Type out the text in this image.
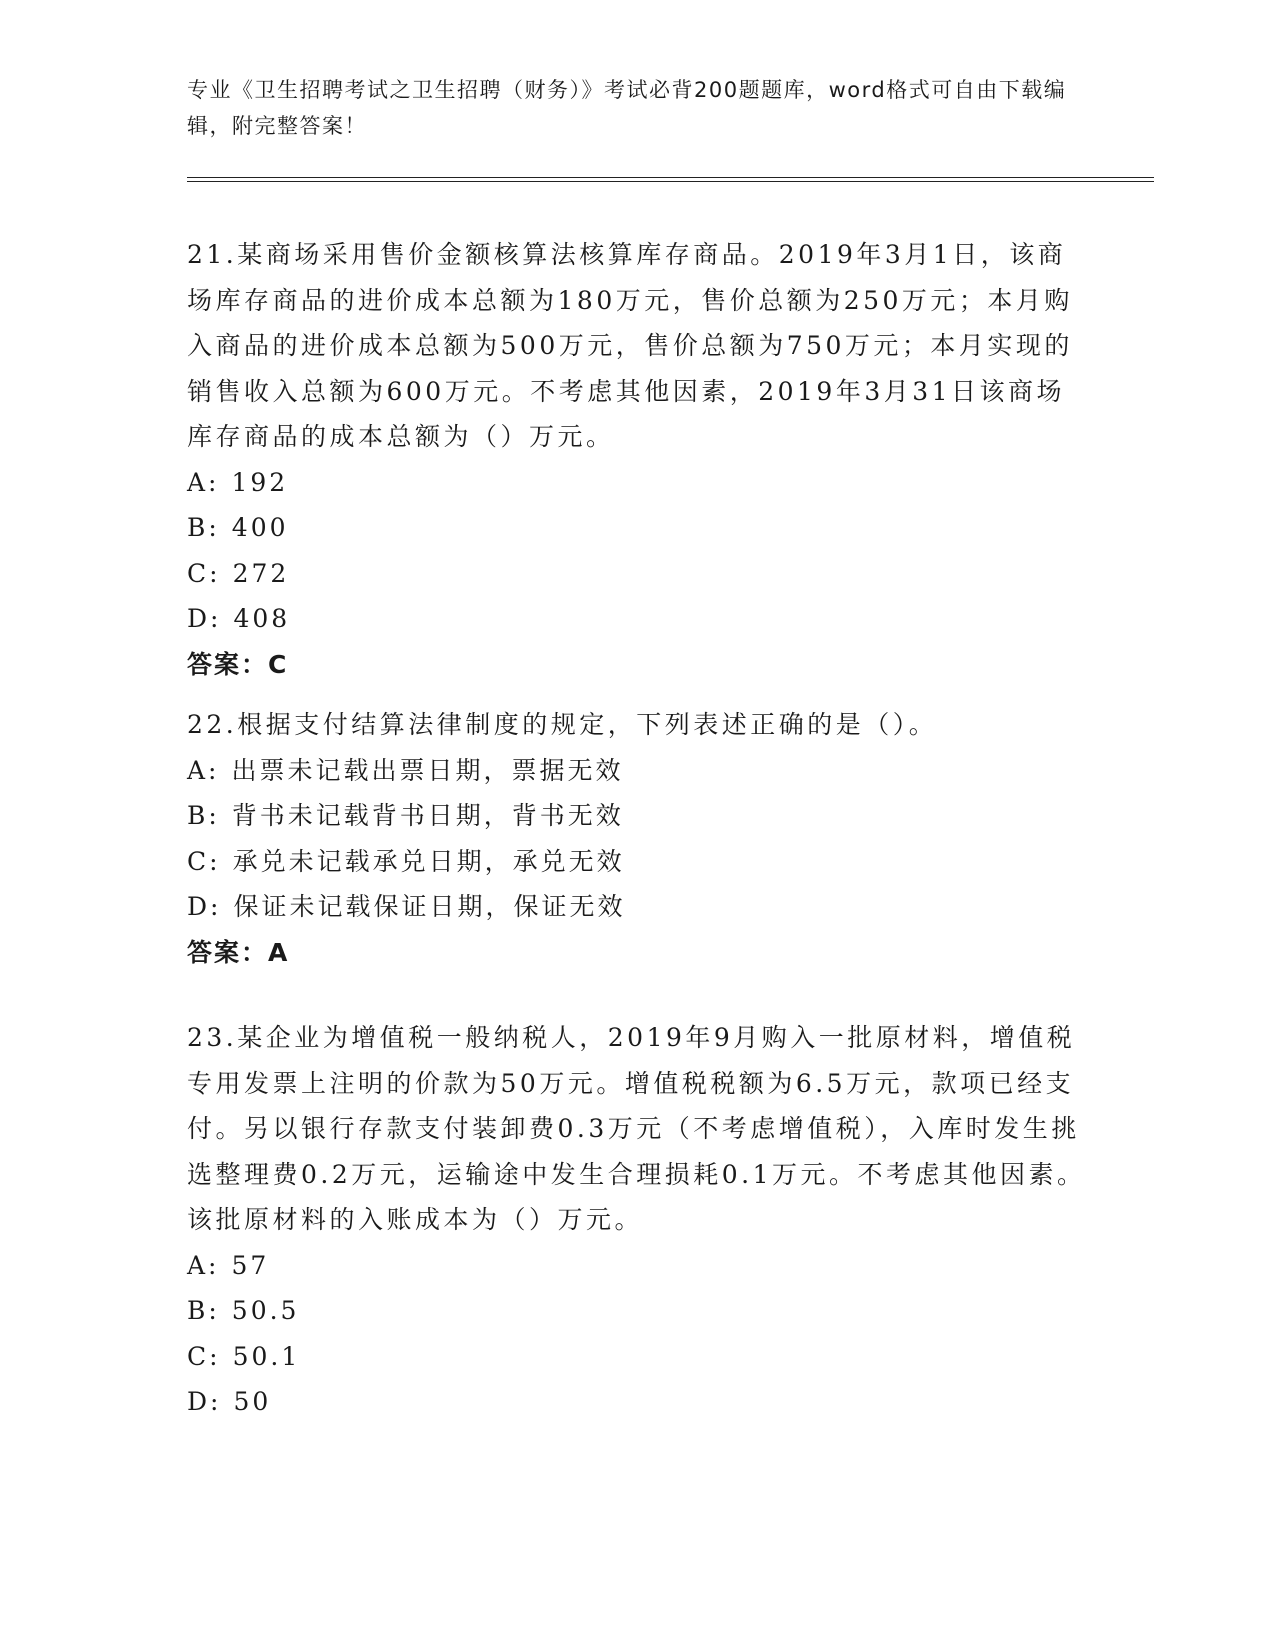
专业《卫生招聘考试之卫生招聘（财务）》考试必背200题题库，word格式可自由下载编辑，附完整答案！

21.某商场采用售价金额核算法核算库存商品。2019年3月1日，该商场库存商品的进价成本总额为180万元，售价总额为250万元；本月购入商品的进价成本总额为500万元，售价总额为750万元；本月实现的销售收入总额为600万元。不考虑其他因素，2019年3月31日该商场库存商品的成本总额为（）万元。

A: 192
B: 400
C: 272
D: 408

答案：C

22.根据支付结算法律制度的规定，下列表述正确的是（）。

A: 出票未记载出票日期，票据无效
B: 背书未记载背书日期，背书无效
C: 承兑未记载承兑日期，承兑无效
D: 保证未记载保证日期，保证无效

答案：A

23.某企业为增值税一般纳税人，2019年9月购入一批原材料，增值税专用发票上注明的价款为50万元。增值税税额为6.5万元，款项已经支付。另以银行存款支付装卸费0.3万元（不考虑增值税），入库时发生挑选整理费0.2万元，运输途中发生合理损耗0.1万元。不考虑其他因素。该批原材料的入账成本为（）万元。

A: 57
B: 50.5
C: 50.1
D: 50
